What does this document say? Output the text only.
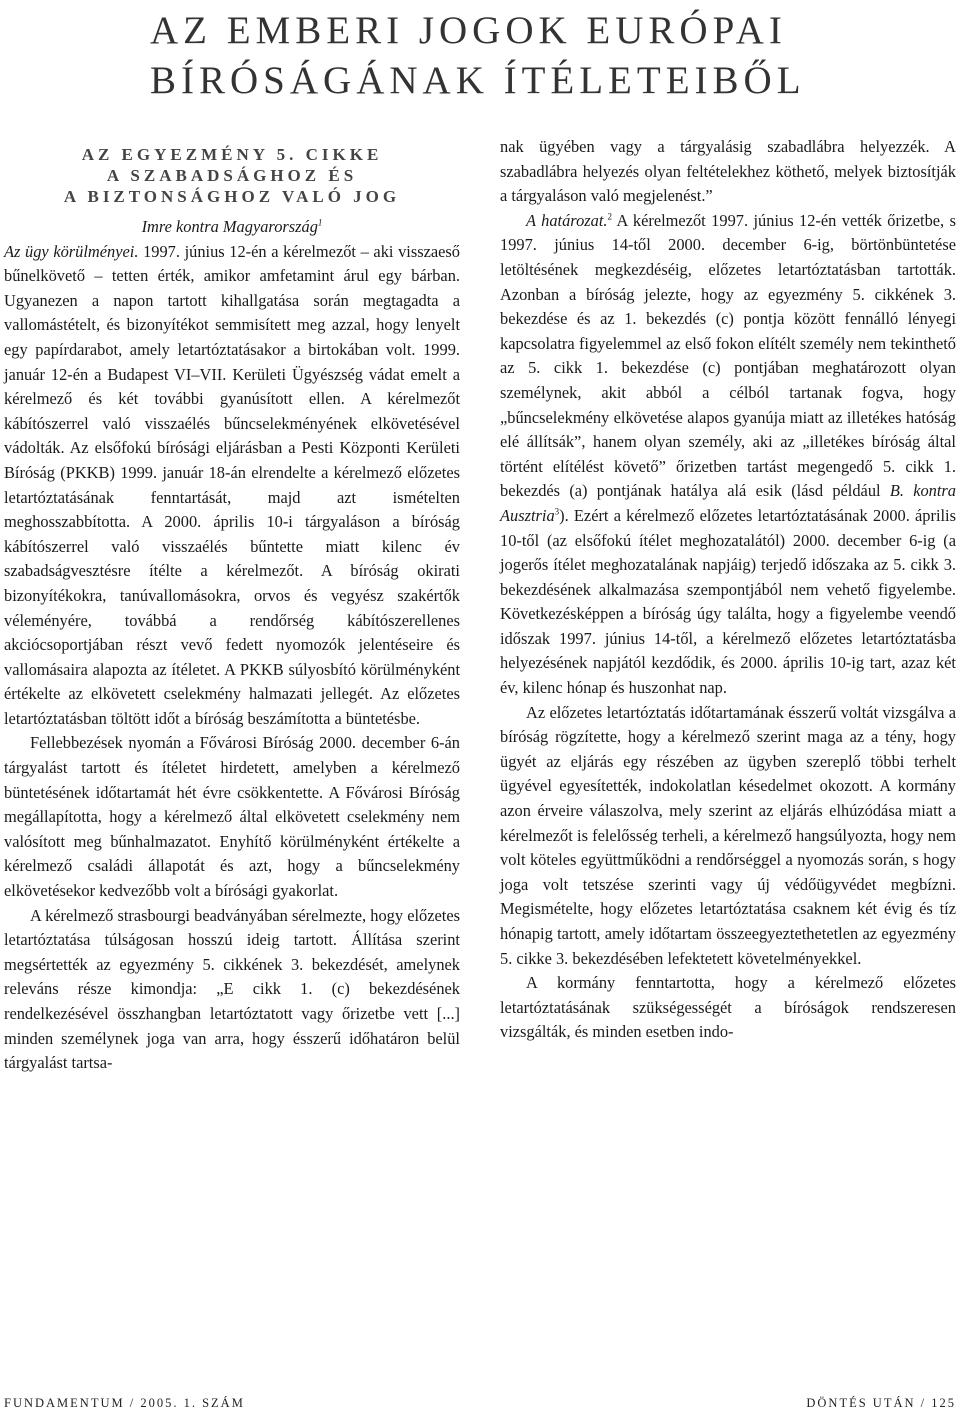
AZ EMBERI JOGOK EURÓPAI
BÍRÓSÁGÁNAK ÍTÉLETEIBŐL
AZ EGYEZMÉNY 5. CIKKE
A SZABADSÁGHOZ ÉS
A BIZTONSÁGHOZ VALÓ JOG

Imre kontra Magyarország$^1$

Az ügy körülményei. 1997. június 12-én a kérelmezőt – aki visszaeső bűnelkövető – tetten érték, amikor amfetamint árul egy bárban. Ugyanezen a napon tartott kihallgatása során megtagadta a vallomástételt, és bizonyítékot semmisített meg azzal, hogy lenyelt egy papírdarabot, amely letartóztatásakor a birtokában volt. 1999. január 12-én a Budapest VI–VII. Kerületi Ügyészség vádat emelt a kérelmező és két további gyanúsított ellen. A kérelmezőt kábítószerrel való visszaélés bűncselekményének elkövetésével vádolták. Az elsőfokú bírósági eljárásban a Pesti Központi Kerületi Bíróság (PKKB) 1999. január 18-án elrendelte a kérelmező előzetes letartóztatásának fenntartását, majd azt ismételten meghosszabbította. A 2000. április 10-i tárgyaláson a bíróság kábítószerrel való visszaélés bűntette miatt kilenc év szabadságvesztésre ítélte a kérelmezőt. A bíróság okirati bizonyítékokra, tanúvallomásokra, orvos és vegyész szakértők véleményére, továbbá a rendőrség kábítószerellenes akciócsoportjában részt vevő fedett nyomozók jelentéseire és vallomásaira alapozta az ítéletet. A PKKB súlyosbító körülményként értékelte az elkövetett cselekmény halmazati jellegét. Az előzetes letartóztatásban töltött időt a bíróság beszámította a büntetésbe.

Fellebbezések nyomán a Fővárosi Bíróság 2000. december 6-án tárgyalást tartott és ítéletet hirdetett, amelyben a kérelmező büntetésének időtartamát hét évre csökkentette. A Fővárosi Bíróság megállapította, hogy a kérelmező által elkövetett cselekmény nem valósított meg bűnhalmazatot. Enyhítő körülményként értékelte a kérelmező családi állapotát és azt, hogy a bűncselekmény elkövetésekor kedvezőbb volt a bírósági gyakorlat.

A kérelmező strasbourgi beadványában sérelmezte, hogy előzetes letartóztatása túlságosan hosszú ideig tartott. Állítása szerint megsértették az egyezmény 5. cikkének 3. bekezdését, amelynek releváns része kimondja: „E cikk 1. (c) bekezdésének rendelkezésével összhangban letartóztatott vagy őrizetbe vett [...] minden személynek joga van arra, hogy ésszerű időhatáron belül tárgyalást tartsa-

nak ügyében vagy a tárgyalásig szabadlábra helyezzék. A szabadlábra helyezés olyan feltételekhez köthető, melyek biztosítják a tárgyaláson való megjelenést.”

A határozat.$^2$ A kérelmezőt 1997. június 12-én vették őrizetbe, s 1997. június 14-től 2000. december 6-ig, börtönbüntetése letöltésének megkezdéséig, előzetes letartóztatásban tartották. Azonban a bíróság jelezte, hogy az egyezmény 5. cikkének 3. bekezdése és az 1. bekezdés (c) pontja között fennálló lényegi kapcsolatra figyelemmel az első fokon elítélt személy nem tekinthető az 5. cikk 1. bekezdése (c) pontjában meghatározott olyan személynek, akit abból a célból tartanak fogva, hogy „bűncselekmény elkövetése alapos gyanúja miatt az illetékes hatóság elé állítsák”, hanem olyan személy, aki az „illetékes bíróság által történt elítélést követő” őrizetben tartást megengedő 5. cikk 1. bekezdés (a) pontjának hatálya alá esik (lásd például B. kontra Ausztria$^3$). Ezért a kérelmező előzetes letartóztatásának 2000. április 10-től (az elsőfokú ítélet meghozatalától) 2000. december 6-ig (a jogerős ítélet meghozatalának napjáig) terjedő időszaka az 5. cikk 3. bekezdésének alkalmazása szempontjából nem vehető figyelembe. Következésképpen a bíróság úgy találta, hogy a figyelembe veendő időszak 1997. június 14-től, a kérelmező előzetes letartóztatásba helyezésének napjától kezdődik, és 2000. április 10-ig tart, azaz két év, kilenc hónap és huszonhat nap.

Az előzetes letartóztatás időtartamának ésszerű voltát vizsgálva a bíróság rögzítette, hogy a kérelmező szerint maga az a tény, hogy ügyét az eljárás egy részében az ügyben szereplő többi terhelt ügyével egyesítették, indokolatlan késedelmet okozott. A kormány azon érveire válaszolva, mely szerint az eljárás elhúzódása miatt a kérelmezőt is felelősség terheli, a kérelmező hangsúlyozta, hogy nem volt köteles együttműködni a rendőrséggel a nyomozás során, s hogy joga volt tetszése szerinti vagy új védőügyvédet megbízni. Megismételte, hogy előzetes letartóztatása csaknem két évig és tíz hónapig tartott, amely időtartam összeegyeztethetetlen az egyezmény 5. cikke 3. bekezdésében lefektetett követelményekkel.

A kormány fenntartotta, hogy a kérelmező előzetes letartóztatásának szükségességét a bíróságok rendszeresen vizsgálták, és minden esetben indo-

FUNDAMENTUM / 2005. 1. SZÁM	DÖNTÉS UTÁN / 125
